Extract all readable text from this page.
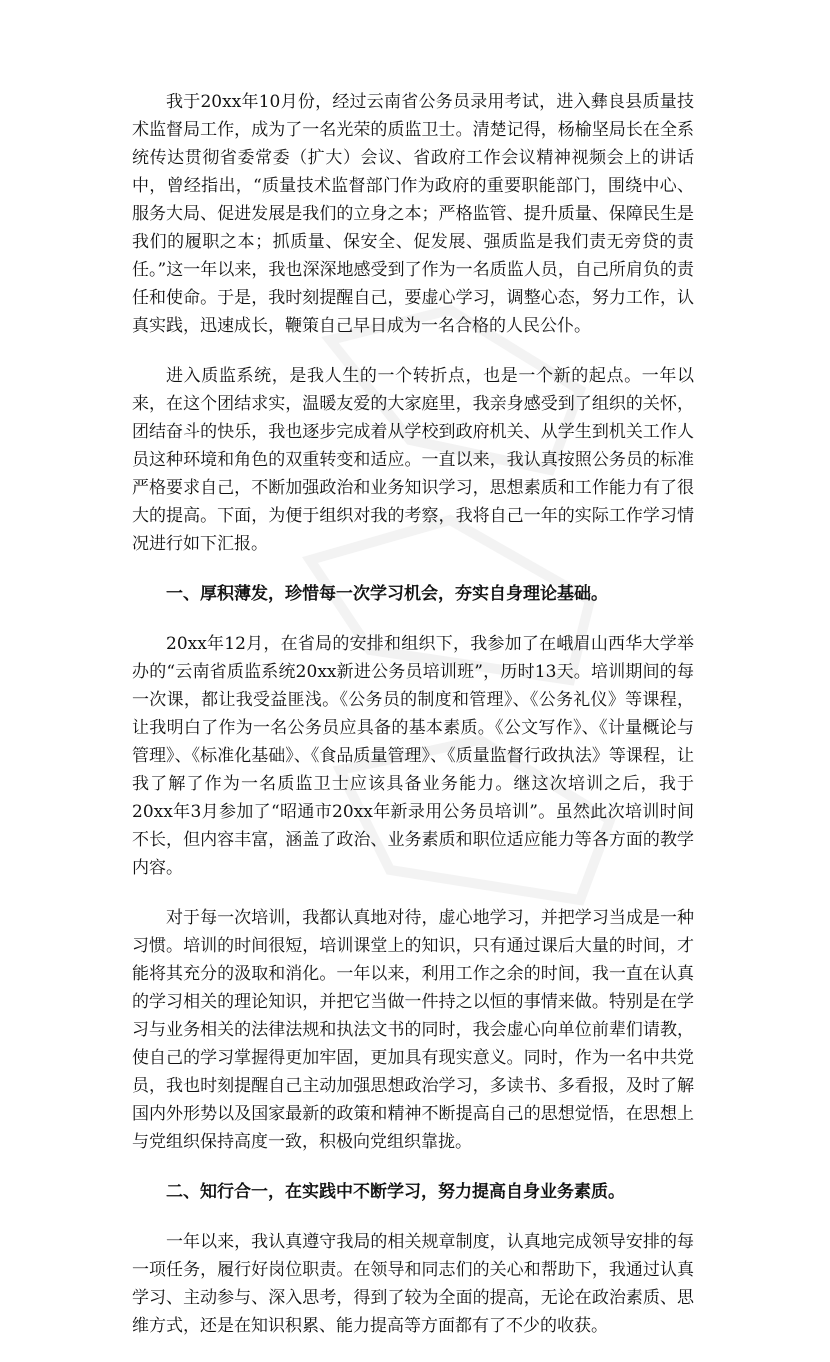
我于20xx年10月份，经过云南省公务员录用考试，进入彝良县质量技术监督局工作，成为了一名光荣的质监卫士。清楚记得，杨榆坚局长在全系统传达贯彻省委常委（扩大）会议、省政府工作会议精神视频会上的讲话中，曾经指出，“质量技术监督部门作为政府的重要职能部门，围绕中心、服务大局、促进发展是我们的立身之本；严格监管、提升质量、保障民生是我们的履职之本；抓质量、保安全、促发展、强质监是我们责无旁贷的责任。”这一年以来，我也深深地感受到了作为一名质监人员，自己所肩负的责任和使命。于是，我时刻提醒自己，要虚心学习，调整心态，努力工作，认真实践，迅速成长，鞭策自己早日成为一名合格的人民公仆。

进入质监系统，是我人生的一个转折点，也是一个新的起点。一年以来，在这个团结求实，温暖友爱的大家庭里，我亲身感受到了组织的关怀，团结奋斗的快乐，我也逐步完成着从学校到政府机关、从学生到机关工作人员这种环境和角色的双重转变和适应。一直以来，我认真按照公务员的标准严格要求自己，不断加强政治和业务知识学习，思想素质和工作能力有了很大的提高。下面，为便于组织对我的考察，我将自己一年的实际工作学习情况进行如下汇报。

一、厚积薄发，珍惜每一次学习机会，夯实自身理论基础。

20xx年12月，在省局的安排和组织下，我参加了在峨眉山西华大学举办的“云南省质监系统20xx新进公务员培训班”，历时13天。培训期间的每一次课，都让我受益匪浅。《公务员的制度和管理》、《公务礼仪》等课程，让我明白了作为一名公务员应具备的基本素质。《公文写作》、《计量概论与管理》、《标准化基础》、《食品质量管理》、《质量监督行政执法》等课程，让我了解了作为一名质监卫士应该具备业务能力。继这次培训之后，我于20xx年3月参加了“昭通市20xx年新录用公务员培训”。虽然此次培训时间不长，但内容丰富，涵盖了政治、业务素质和职位适应能力等各方面的教学内容。

对于每一次培训，我都认真地对待，虚心地学习，并把学习当成是一种习惯。培训的时间很短，培训课堂上的知识，只有通过课后大量的时间，才能将其充分的汲取和消化。一年以来，利用工作之余的时间，我一直在认真的学习相关的理论知识，并把它当做一件持之以恒的事情来做。特别是在学习与业务相关的法律法规和执法文书的同时，我会虚心向单位前辈们请教，使自己的学习掌握得更加牢固，更加具有现实意义。同时，作为一名中共党员，我也时刻提醒自己主动加强思想政治学习，多读书、多看报，及时了解国内外形势以及国家最新的政策和精神不断提高自己的思想觉悟，在思想上与党组织保持高度一致，积极向党组织靠拢。

二、知行合一，在实践中不断学习，努力提高自身业务素质。

一年以来，我认真遵守我局的相关规章制度，认真地完成领导安排的每一项任务，履行好岗位职责。在领导和同志们的关心和帮助下，我通过认真学习、主动参与、深入思考，得到了较为全面的提高，无论在政治素质、思维方式，还是在知识积累、能力提高等方面都有了不少的收获。
